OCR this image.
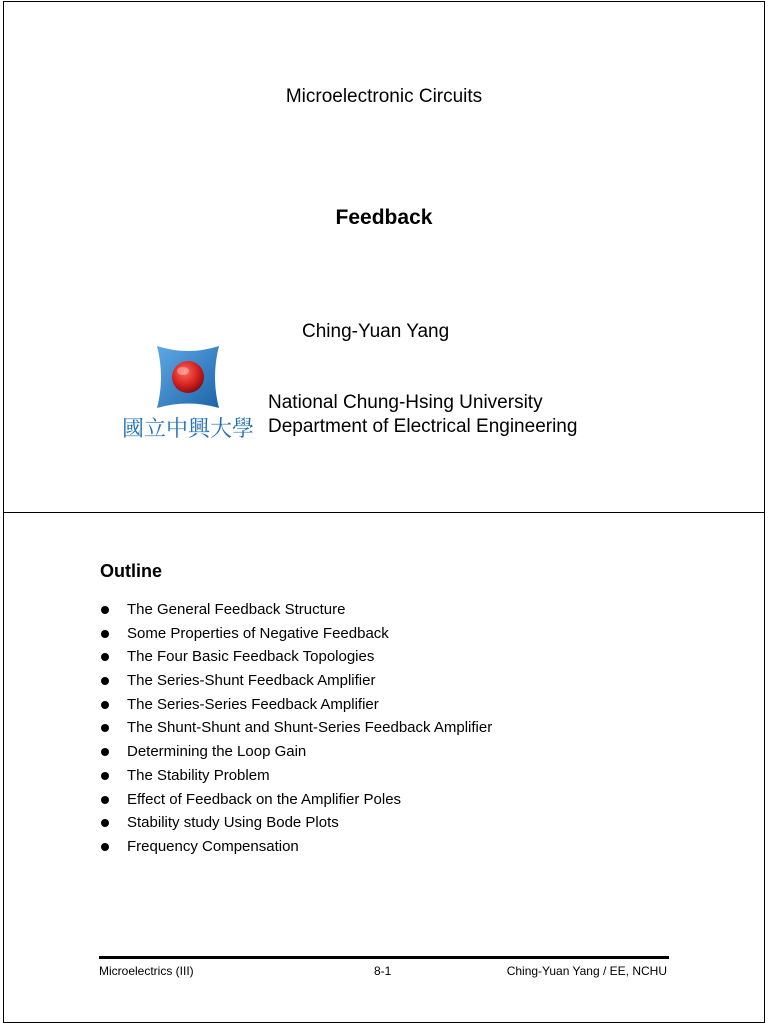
Microelectronic Circuits
Feedback
Ching-Yuan Yang
國立中興大學
National Chung-Hsing University
Department of Electrical Engineering
Outline
The General Feedback Structure
Some Properties of Negative Feedback
The Four Basic Feedback Topologies
The Series-Shunt Feedback Amplifier
The Series-Series Feedback Amplifier
The Shunt-Shunt and Shunt-Series Feedback Amplifier
Determining the Loop Gain
The Stability Problem
Effect of Feedback on the Amplifier Poles
Stability study Using Bode Plots
Frequency Compensation
Microelectrics (III)	8-1	Ching-Yuan Yang / EE, NCHU
